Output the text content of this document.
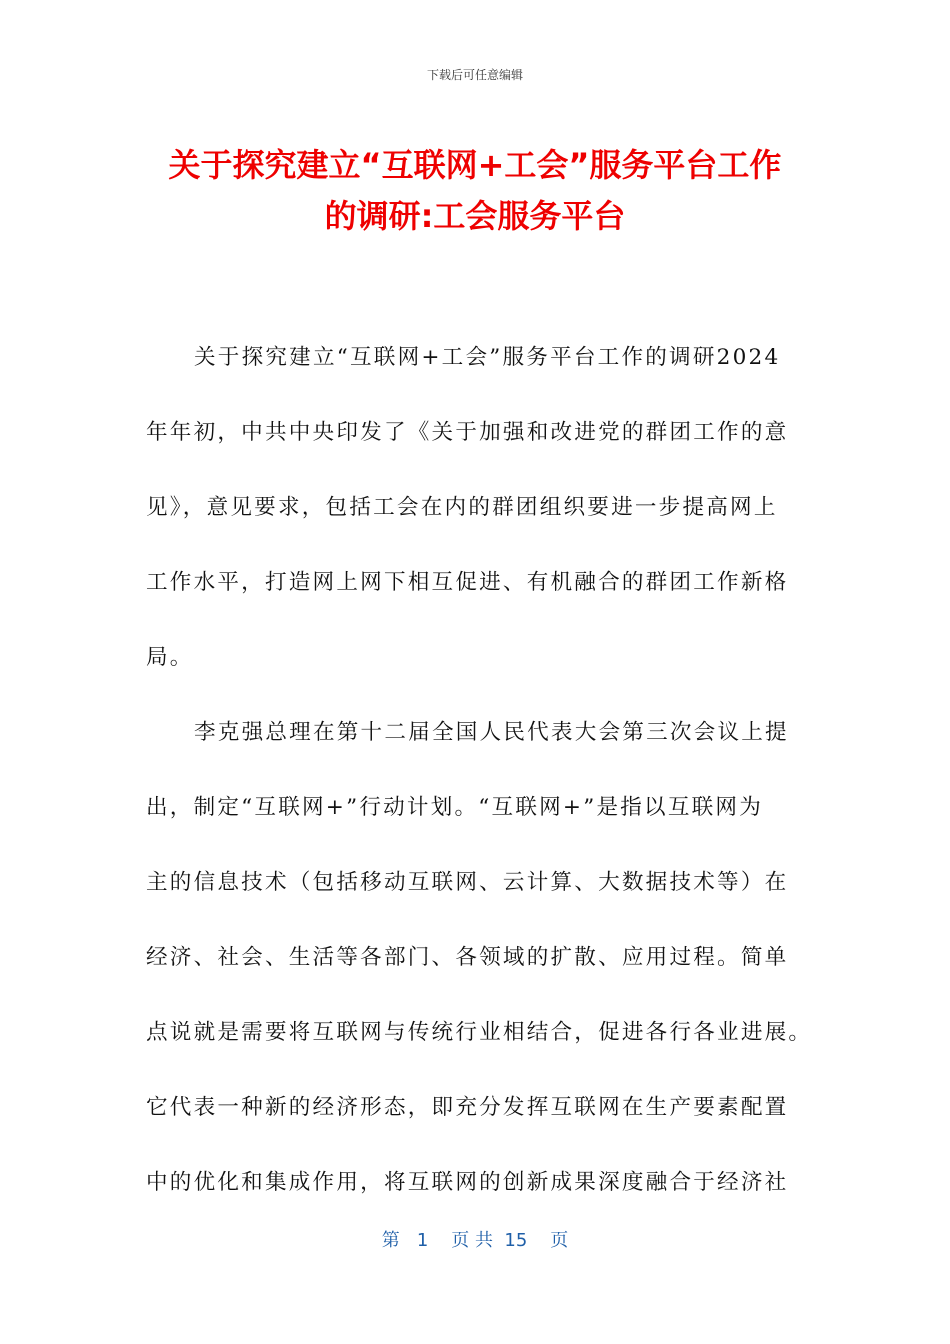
下载后可任意编辑
关于探究建立“互联网+工会”服务平台工作
的调研:工会服务平台

关于探究建立“互联网+工会”服务平台工作的调研2024
年年初，中共中央印发了《关于加强和改进党的群团工作的意
见》，意见要求，包括工会在内的群团组织要进一步提高网上
工作水平，打造网上网下相互促进、有机融合的群团工作新格
局。

李克强总理在第十二届全国人民代表大会第三次会议上提
出，制定“互联网+”行动计划。“互联网+”是指以互联网为
主的信息技术（包括移动互联网、云计算、大数据技术等）在
经济、社会、生活等各部门、各领域的扩散、应用过程。简单
点说就是需要将互联网与传统行业相结合，促进各行各业进展。
它代表一种新的经济形态，即充分发挥互联网在生产要素配置
中的优化和集成作用，将互联网的创新成果深度融合于经济社

第   1    页 共  15    页
